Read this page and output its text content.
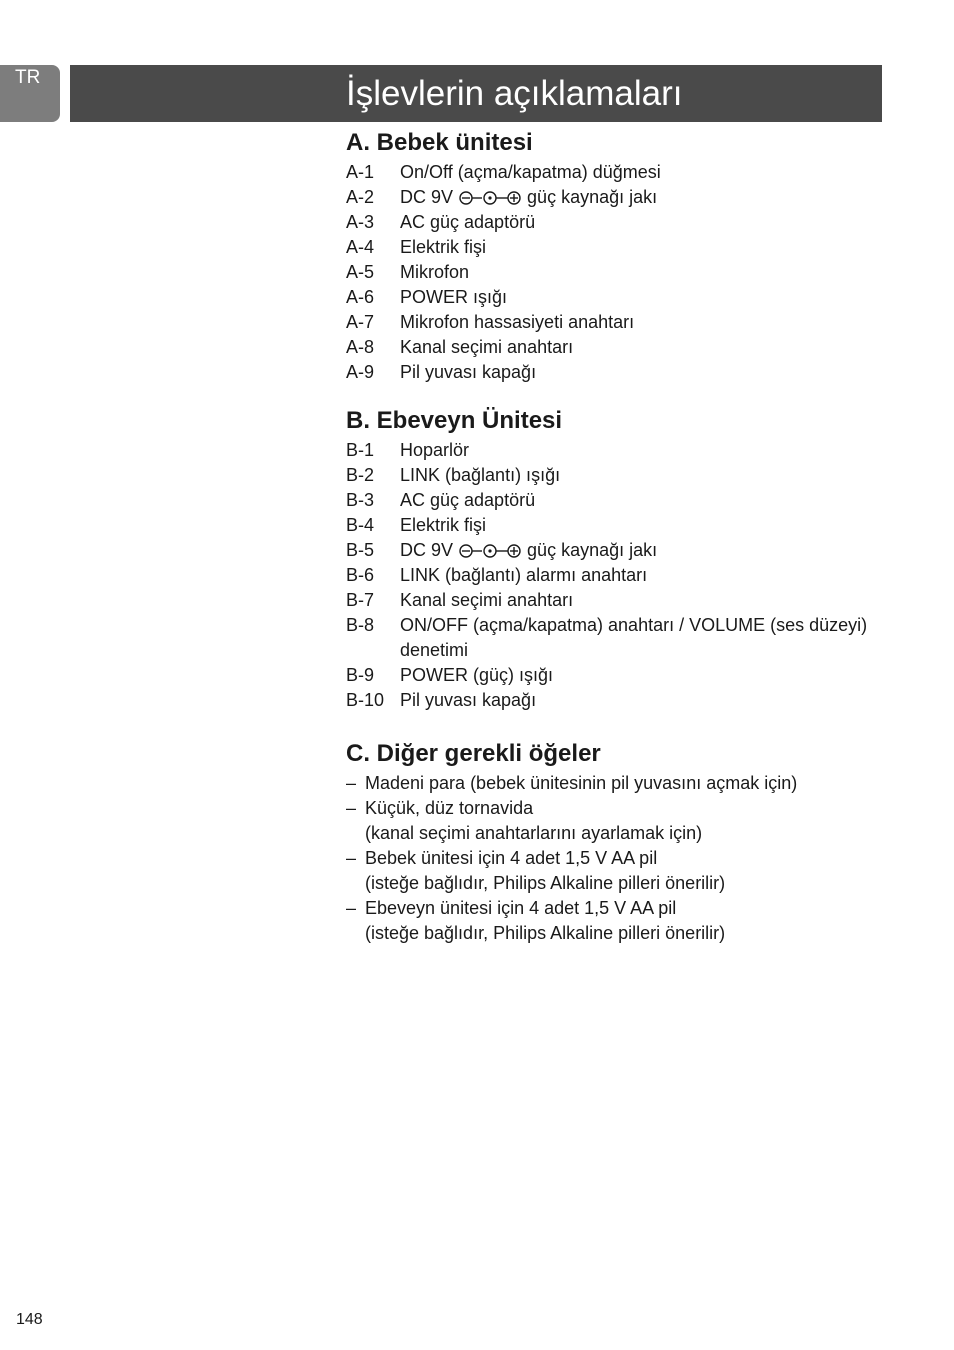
TR	İşlevlerin açıklamaları
A. Bebek ünitesi
A-1	On/Off (açma/kapatma) düğmesi
A-2	DC 9V	güç kaynağı jakı
A-3	AC güç adaptörü
A-4	Elektrik fişi
A-5	Mikrofon
A-6	POWER ışığı
A-7	Mikrofon hassasiyeti anahtarı
A-8	Kanal seçimi anahtarı
A-9	Pil yuvası kapağı
B. Ebeveyn Ünitesi
B-1	Hoparlör
B-2	LINK (bağlantı) ışığı
B-3	AC güç adaptörü
B-4	Elektrik fişi
B-5	DC 9V	güç kaynağı jakı
B-6	LINK (bağlantı) alarmı anahtarı
B-7	Kanal seçimi anahtarı
B-8	ON/OFF (açma/kapatma) anahtarı / VOLUME (ses düzeyi) denetimi
B-9	POWER (güç) ışığı
B-10 Pil yuvası kapağı
C. Diğer gerekli öğeler
– Madeni para (bebek ünitesinin pil yuvasını açmak için)
– Küçük, düz tornavida
(kanal seçimi anahtarlarını ayarlamak için)
– Bebek ünitesi için 4 adet 1,5 V AA pil
(isteğe bağlıdır, Philips Alkaline pilleri önerilir)
– Ebeveyn ünitesi için 4 adet 1,5 V AA pil
(isteğe bağlıdır, Philips Alkaline pilleri önerilir)
148
